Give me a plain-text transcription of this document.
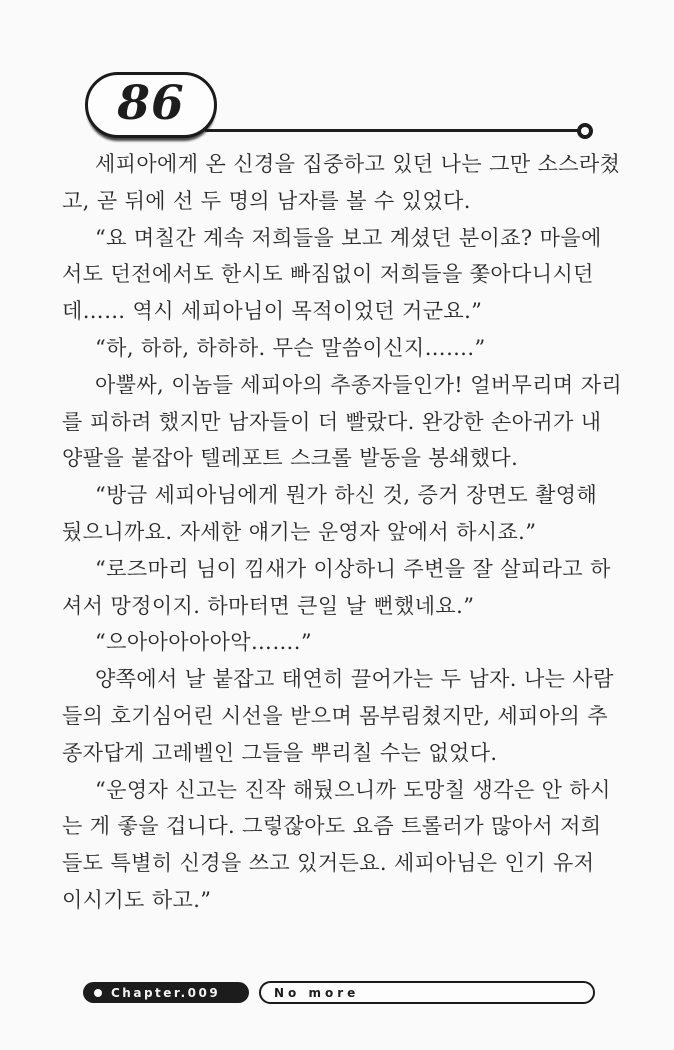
86
세피아에게 온 신경을 집중하고 있던 나는 그만 소스라쳤
고, 곧 뒤에 선 두 명의 남자를 볼 수 있었다.
“요 며칠간 계속 저희들을 보고 계셨던 분이죠? 마을에
서도 던전에서도 한시도 빠짐없이 저희들을 쫓아다니시던
데…… 역시 세피아님이 목적이었던 거군요.”
“하, 하하, 하하하. 무슨 말씀이신지…….”
아뿔싸, 이놈들 세피아의 추종자들인가! 얼버무리며 자리
를 피하려 했지만 남자들이 더 빨랐다. 완강한 손아귀가 내
양팔을 붙잡아 텔레포트 스크롤 발동을 봉쇄했다.
“방금 세피아님에게 뭔가 하신 것, 증거 장면도 촬영해
뒀으니까요. 자세한 얘기는 운영자 앞에서 하시죠.”
“로즈마리 님이 낌새가 이상하니 주변을 잘 살피라고 하
셔서 망정이지. 하마터면 큰일 날 뻔했네요.”
“으아아아아아악…….”
양쪽에서 날 붙잡고 태연히 끌어가는 두 남자. 나는 사람
들의 호기심어린 시선을 받으며 몸부림쳤지만, 세피아의 추
종자답게 고레벨인 그들을 뿌리칠 수는 없었다.
“운영자 신고는 진작 해뒀으니까 도망칠 생각은 안 하시
는 게 좋을 겁니다. 그렇잖아도 요즘 트롤러가 많아서 저희
들도 특별히 신경을 쓰고 있거든요. 세피아님은 인기 유저
이시기도 하고.”
Chapter.009	No more
